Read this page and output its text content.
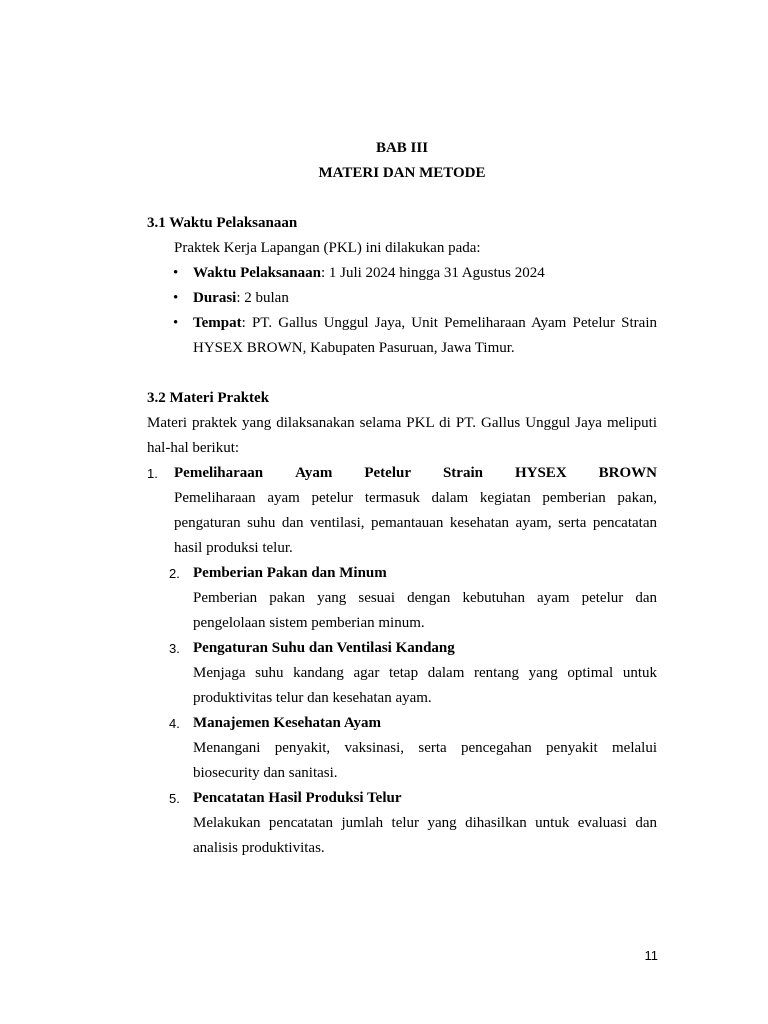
BAB III
MATERI DAN METODE
3.1 Waktu Pelaksanaan
Praktek Kerja Lapangan (PKL) ini dilakukan pada:
• Waktu Pelaksanaan: 1 Juli 2024 hingga 31 Agustus 2024
• Durasi: 2 bulan
• Tempat: PT. Gallus Unggul Jaya, Unit Pemeliharaan Ayam Petelur Strain HYSEX BROWN, Kabupaten Pasuruan, Jawa Timur.
3.2 Materi Praktek
Materi praktek yang dilaksanakan selama PKL di PT. Gallus Unggul Jaya meliputi hal-hal berikut:
1. Pemeliharaan Ayam Petelur Strain HYSEX BROWN
Pemeliharaan ayam petelur termasuk dalam kegiatan pemberian pakan, pengaturan suhu dan ventilasi, pemantauan kesehatan ayam, serta pencatatan hasil produksi telur.
2. Pemberian Pakan dan Minum
Pemberian pakan yang sesuai dengan kebutuhan ayam petelur dan pengelolaan sistem pemberian minum.
3. Pengaturan Suhu dan Ventilasi Kandang
Menjaga suhu kandang agar tetap dalam rentang yang optimal untuk produktivitas telur dan kesehatan ayam.
4. Manajemen Kesehatan Ayam
Menangani penyakit, vaksinasi, serta pencegahan penyakit melalui biosecurity dan sanitasi.
5. Pencatatan Hasil Produksi Telur
Melakukan pencatatan jumlah telur yang dihasilkan untuk evaluasi dan analisis produktivitas.
11
